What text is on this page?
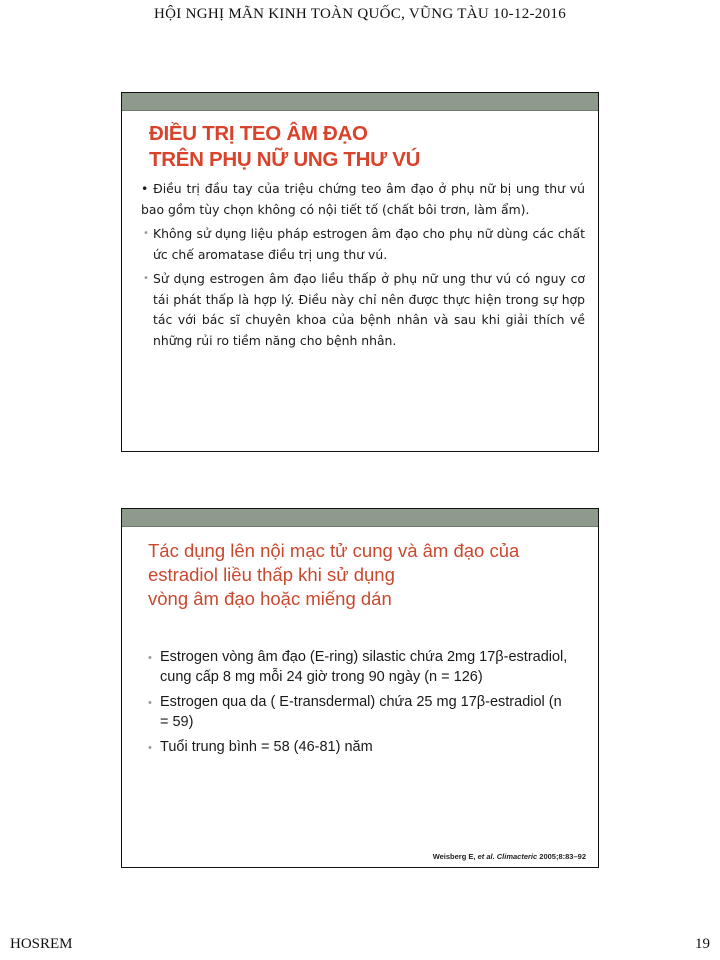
HỘI NGHỊ MÃN KINH TOÀN QUỐC, VŨNG TÀU 10-12-2016
ĐIỀU TRỊ TEO ÂM ĐẠO
TRÊN PHỤ NỮ UNG THƯ VÚ

• Điều trị đầu tay của triệu chứng teo âm đạo ở phụ nữ bị ung thư vú bao gồm tùy chọn không có nội tiết tố (chất bôi trơn, làm ẩm).

• Không sử dụng liệu pháp estrogen âm đạo cho phụ nữ dùng các chất ức chế aromatase điều trị ung thư vú.
• Sử dụng estrogen âm đạo liều thấp ở phụ nữ ung thư vú có nguy cơ tái phát thấp là hợp lý. Điều này chỉ nên được thực hiện trong sự hợp tác với bác sĩ chuyên khoa của bệnh nhân và sau khi giải thích về những rủi ro tiềm năng cho bệnh nhân.
Tác dụng lên nội mạc tử cung và âm đạo của
estradiol liều thấp khi sử dụng
vòng âm đạo hoặc miếng dán
• Estrogen vòng âm đạo (E-ring) silastic chứa 2mg 17β-estradiol, cung cấp 8 mg mỗi 24 giờ trong 90 ngày (n = 126)
• Estrogen qua da ( E-transdermal) chứa 25 mg 17β-estradiol (n = 59)
• Tuổi trung bình = 58 (46-81) năm
Weisberg E, et al. Climacteric 2005;8:83–92
HOSREM	19
